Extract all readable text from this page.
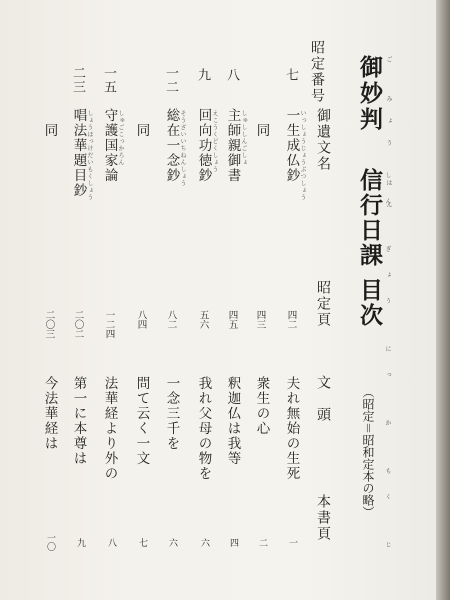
ご みょう はん
御妙判
信行日課 目次 しん ぎょう にっ か もく じ
（昭定＝昭和定本の略）
昭定番号
御遺文名
昭定頁
文　頭
本書頁
七
いっしょうじょうぶつしょう
一生成仏鈔
四二
夫れ無始の生死
一
同
四三
衆生の心
二
八
しゅししんごしょ
主師親御書
四五
釈迦仏は我等
四
九
えこうくどくしょう
回向功徳鈔
五六
我れ父母の物を
六
一二
そうざいいちねんしょう
総在一念鈔
八二
一念三千を
六
同
八四
問て云く一文
七
一五
しゅごこっかろん
守護国家論
一二四
法華経より外の
八
二三
しょうほっけだいもくしょう
唱法華題目鈔
二〇二
第一に本尊は
九
同
二〇三
今法華経は
一〇
